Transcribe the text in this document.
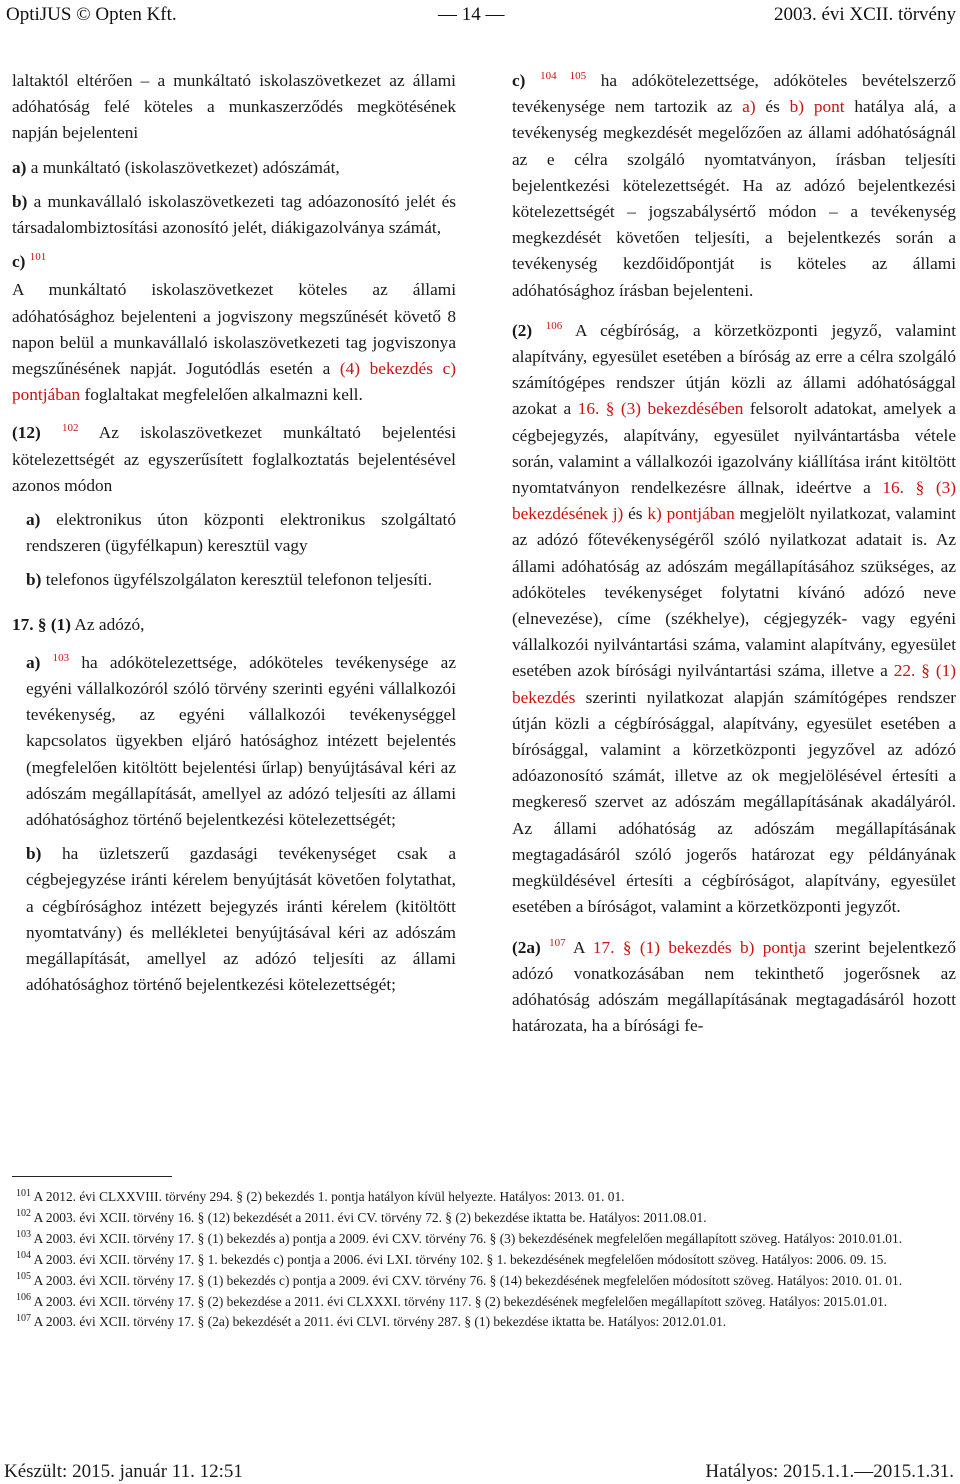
OptiJUS © Opten Kft.	— 14 —	2003. évi XCII. törvény
laltaktól eltérően – a munkáltató iskolaszövetkezet az állami adóhatóság felé köteles a munkaszerződés megkötésének napján bejelenteni
a) a munkáltató (iskolaszövetkezet) adószámát,
b) a munkavállaló iskolaszövetkezeti tag adóazonosító jelét és társadalombiztosítási azonosító jelét, diákigazolványa számát,
c) $^{101}$
A munkáltató iskolaszövetkezet köteles az állami adóhatósághoz bejelenteni a jogviszony megszűnését követő 8 napon belül a munkavállaló iskolaszövetkezeti tag jogviszonya megszűnésének napját. Jogutódlás esetén a (4) bekezdés c) pontjában foglaltakat megfelelően alkalmazni kell.
(12) $^{102}$ Az iskolaszövetkezet munkáltató bejelentési kötelezettségét az egyszerűsített foglalkoztatás bejelentésével azonos módon
a) elektronikus úton központi elektronikus szolgáltató rendszeren (ügyfélkapun) keresztül vagy
b) telefonos ügyfélszolgálaton keresztül telefonon teljesíti.
17. § (1) Az adózó,
a) $^{103}$ ha adókötelezettsége, adóköteles tevékenysége az egyéni vállalkozóról szóló törvény szerinti egyéni vállalkozói tevékenység, az egyéni vállalkozói tevékenységgel kapcsolatos ügyekben eljáró hatósághoz intézett bejelentés (megfelelően kitöltött bejelentési űrlap) benyújtásával kéri az adószám megállapítását, amellyel az adózó teljesíti az állami adóhatósághoz történő bejelentkezési kötelezettségét;
b) ha üzletszerű gazdasági tevékenységet csak a cégbejegyzése iránti kérelem benyújtását követően folytathat, a cégbírósághoz intézett bejegyzés iránti kérelem (kitöltött nyomtatvány) és mellékletei benyújtásával kéri az adószám megállapítását, amellyel az adózó teljesíti az állami adóhatósághoz történő bejelentkezési kötelezettségét;
c) $^{104 105}$ ha adókötelezettsége, adóköteles bevételszerző tevékenysége nem tartozik az a) és b) pont hatálya alá, a tevékenység megkezdését megelőzően az állami adóhatóságnál az e célra szolgáló nyomtatványon, írásban teljesíti bejelentkezési kötelezettségét. Ha az adózó bejelentkezési kötelezettségét – jogszabálysértő módon – a tevékenység megkezdését követően teljesíti, a bejelentkezés során a tevékenység kezdőidőpontját is köteles az állami adóhatósághoz írásban bejelenteni.
(2) $^{106}$ A cégbíróság, a körzetközponti jegyző, valamint alapítvány, egyesület esetében a bíróság az erre a célra szolgáló számítógépes rendszer útján közli az állami adóhatósággal azokat a 16. § (3) bekezdésében felsorolt adatokat, amelyek a cégbejegyzés, alapítvány, egyesület nyilvántartásba vétele során, valamint a vállalkozói igazolvány kiállítása iránt kitöltött nyomtatványon rendelkezésre állnak, ideértve a 16. § (3) bekezdésének j) és k) pontjában megjelölt nyilatkozat, valamint az adózó főtevékenységéről szóló nyilatkozat adatait is. Az állami adóhatóság az adószám megállapításához szükséges, az adóköteles tevékenységet folytatni kívánó adózó neve (elnevezése), címe (székhelye), cégjegyzék- vagy egyéni vállalkozói nyilvántartási száma, valamint alapítvány, egyesület esetében azok bírósági nyilvántartási száma, illetve a 22. § (1) bekezdés szerinti nyilatkozat alapján számítógépes rendszer útján közli a cégbírósággal, alapítvány, egyesület esetében a bírósággal, valamint a körzetközponti jegyzővel az adózó adóazonosító számát, illetve az ok megjelölésével értesíti a megkereső szervet az adószám megállapításának akadályáról. Az állami adóhatóság az adószám megállapításának megtagadásáról szóló jogerős határozat egy példányának megküldésével értesíti a cégbíróságot, alapítvány, egyesület esetében a bíróságot, valamint a körzetközponti jegyzőt.
(2a) $^{107}$ A 17. § (1) bekezdés b) pontja szerint bejelentkező adózó vonatkozásában nem tekinthető jogerősnek az adóhatóság adószám megállapításának megtagadásáról hozott határozata, ha a bírósági fe-
$^{101}$ A 2012. évi CLXXVIII. törvény 294. § (2) bekezdés 1. pontja hatályon kívül helyezte. Hatályos: 2013. 01. 01.
$^{102}$ A 2003. évi XCII. törvény 16. § (12) bekezdését a 2011. évi CV. törvény 72. § (2) bekezdése iktatta be. Hatályos: 2011.08.01.
$^{103}$ A 2003. évi XCII. törvény 17. § (1) bekezdés a) pontja a 2009. évi CXV. törvény 76. § (3) bekezdésének megfelelően megállapított szöveg. Hatályos: 2010.01.01.
$^{104}$ A 2003. évi XCII. törvény 17. § 1. bekezdés c) pontja a 2006. évi LXI. törvény 102. § 1. bekezdésének megfelelően módosított szöveg. Hatályos: 2006. 09. 15.
$^{105}$ A 2003. évi XCII. törvény 17. § (1) bekezdés c) pontja a 2009. évi CXV. törvény 76. § (14) bekezdésének megfelelően módosított szöveg. Hatályos: 2010. 01. 01.
$^{106}$ A 2003. évi XCII. törvény 17. § (2) bekezdése a 2011. évi CLXXXI. törvény 117. § (2) bekezdésének megfelelően megállapított szöveg. Hatályos: 2015.01.01.
$^{107}$ A 2003. évi XCII. törvény 17. § (2a) bekezdését a 2011. évi CLVI. törvény 287. § (1) bekezdése iktatta be. Hatályos: 2012.01.01.
Készült: 2015. január 11. 12:51	Hatályos: 2015.1.1.—2015.1.31.
